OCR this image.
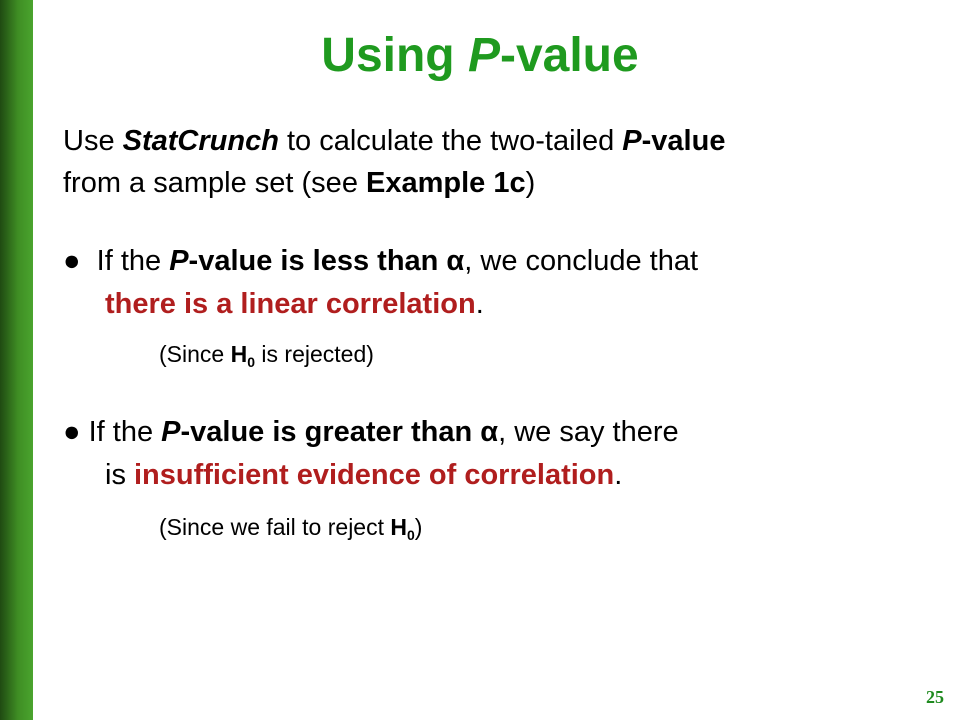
Using P-value
Use StatCrunch to calculate the two-tailed P-value
from a sample set (see Example 1c)
● If the P-value is less than α, we conclude that
there is a linear correlation.
(Since $H_0$ is rejected)
● If the P-value is greater than α, we say there
is insufficient evidence of correlation.
(Since we fail to reject $H_0$)
25
